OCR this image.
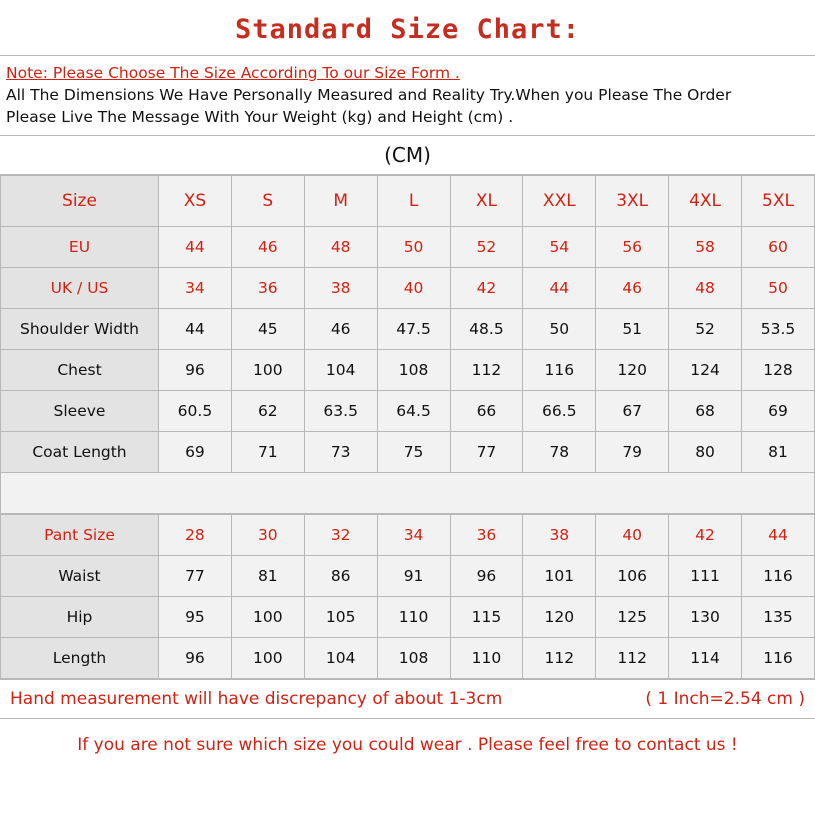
Standard Size Chart:
Note: Please Choose The Size According To our Size Form .
All The Dimensions We Have Personally Measured and Reality Try.When you Please The Order
Please Live The Message With Your Weight (kg) and Height (cm) .
(CM)
Size	XS	S	M	L	XL	XXL	3XL	4XL	5XL
EU	44	46	48	50	52	54	56	58	60
UK / US	34	36	38	40	42	44	46	48	50
Shoulder Width	44	45	46	47.5	48.5	50	51	52	53.5
Chest	96	100	104	108	112	116	120	124	128
Sleeve	60.5	62	63.5	64.5	66	66.5	67	68	69
Coat Length	69	71	73	75	77	78	79	80	81

Pant Size	28	30	32	34	36	38	40	42	44
Waist	77	81	86	91	96	101	106	111	116
Hip	95	100	105	110	115	120	125	130	135
Length	96	100	104	108	110	112	112	114	116
Hand measurement will have discrepancy of about 1-3cm	( 1 Inch=2.54 cm )
If you are not sure which size you could wear . Please feel free to contact us !
